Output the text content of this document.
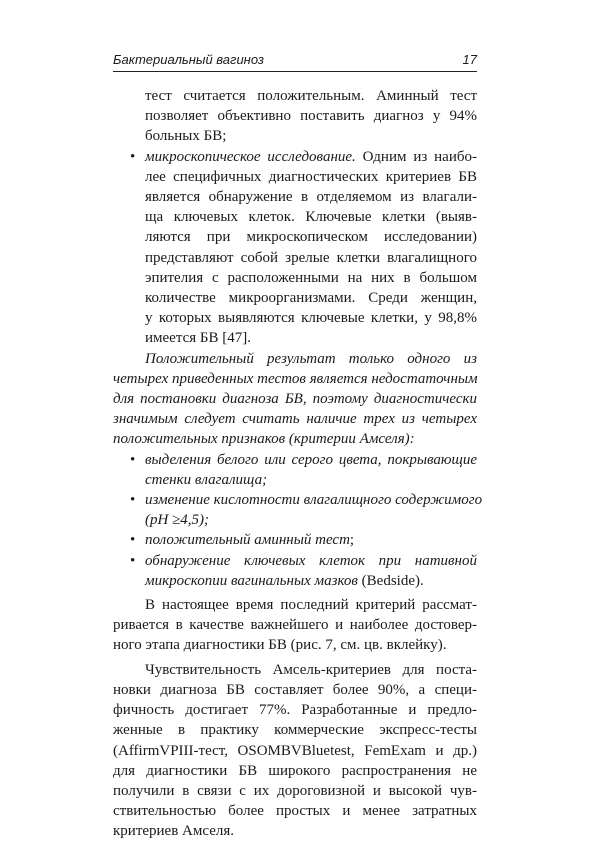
Бактериальный вагиноз	17
тест считается положительным. Аминный тест
позволяет объективно поставить диагноз у 94%
больных БВ;
• микроскопическое исследование. Одним из наибо-
лее специфичных диагностических критериев БВ
является обнаружение в отделяемом из влагали-
ща ключевых клеток. Ключевые клетки (выяв-
ляются при микроскопическом исследовании)
представляют собой зрелые клетки влагалищного
эпителия с расположенными на них в большом
количестве микроорганизмами. Среди женщин,
у которых выявляются ключевые клетки, у 98,8%
имеется БВ [47].
Положительный результат только одного из
четырех приведенных тестов является недостаточным
для постановки диагноза БВ, поэтому диагностически
значимым следует считать наличие трех из четырех
положительных признаков (критерии Амселя):
• выделения белого или серого цвета, покрывающие
стенки влагалища;
• изменение кислотности влагалищного содержимого
(рН ≥4,5);
• положительный аминный тест;
• обнаружение ключевых клеток при нативной
микроскопии вагинальных мазков (Bedside).
В настоящее время последний критерий рассмат-
ривается в качестве важнейшего и наиболее достовер-
ного этапа диагностики БВ (рис. 7, см. цв. вклейку).
Чувствительность Амсель-критериев для поста-
новки диагноза БВ составляет более 90%, а специ-
фичность достигает 77%. Разработанные и предло-
женные в практику коммерческие экспресс-тесты
(AffirmVPIII-тест, OSOMBVBluetest, FemExam и др.)
для диагностики БВ широкого распространения не
получили в связи с их дороговизной и высокой чув-
ствительностью более простых и менее затратных
критериев Амселя.
